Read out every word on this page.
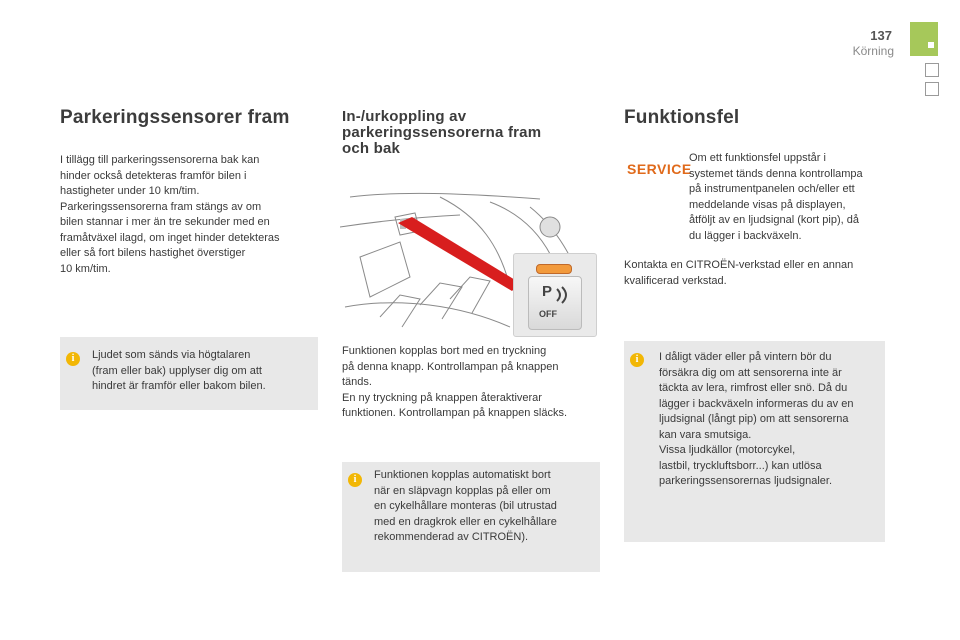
137
Körning
Parkeringssensorer fram
I tillägg till parkeringssensorerna bak kan
hinder också detekteras framför bilen i
hastigheter under 10 km/tim.
Parkeringssensorerna fram stängs av om
bilen stannar i mer än tre sekunder med en
framåtväxel ilagd, om inget hinder detekteras
eller så fort bilens hastighet överstiger
10 km/tim.
i	Ljudet som sänds via högtalaren
(fram eller bak) upplyser dig om att
hindret är framför eller bakom bilen.
In-/urkoppling av
parkeringssensorerna fram
och bak
P
OFF
Funktionen kopplas bort med en tryckning
på denna knapp. Kontrollampan på knappen
tänds.
En ny tryckning på knappen återaktiverar
funktionen. Kontrollampan på knappen släcks.
i	Funktionen kopplas automatiskt bort
när en släpvagn kopplas på eller om
en cykelhållare monteras (bil utrustad
med en dragkrok eller en cykelhållare
rekommenderad av CITROËN).
Funktionsfel
SERVICE
Om ett funktionsfel uppstår i
systemet tänds denna kontrollampa
på instrumentpanelen och/eller ett
meddelande visas på displayen,
åtföljt av en ljudsignal (kort pip), då
du lägger i backväxeln.
Kontakta en CITROËN-verkstad eller en annan
kvalificerad verkstad.
i	I dåligt väder eller på vintern bör du
försäkra dig om att sensorerna inte är
täckta av lera, rimfrost eller snö. Då du
lägger i backväxeln informeras du av en
ljudsignal (långt pip) om att sensorerna
kan vara smutsiga.
Vissa ljudkällor (motorcykel,
lastbil, tryckluftsborr...) kan utlösa
parkeringssensorernas ljudsignaler.
